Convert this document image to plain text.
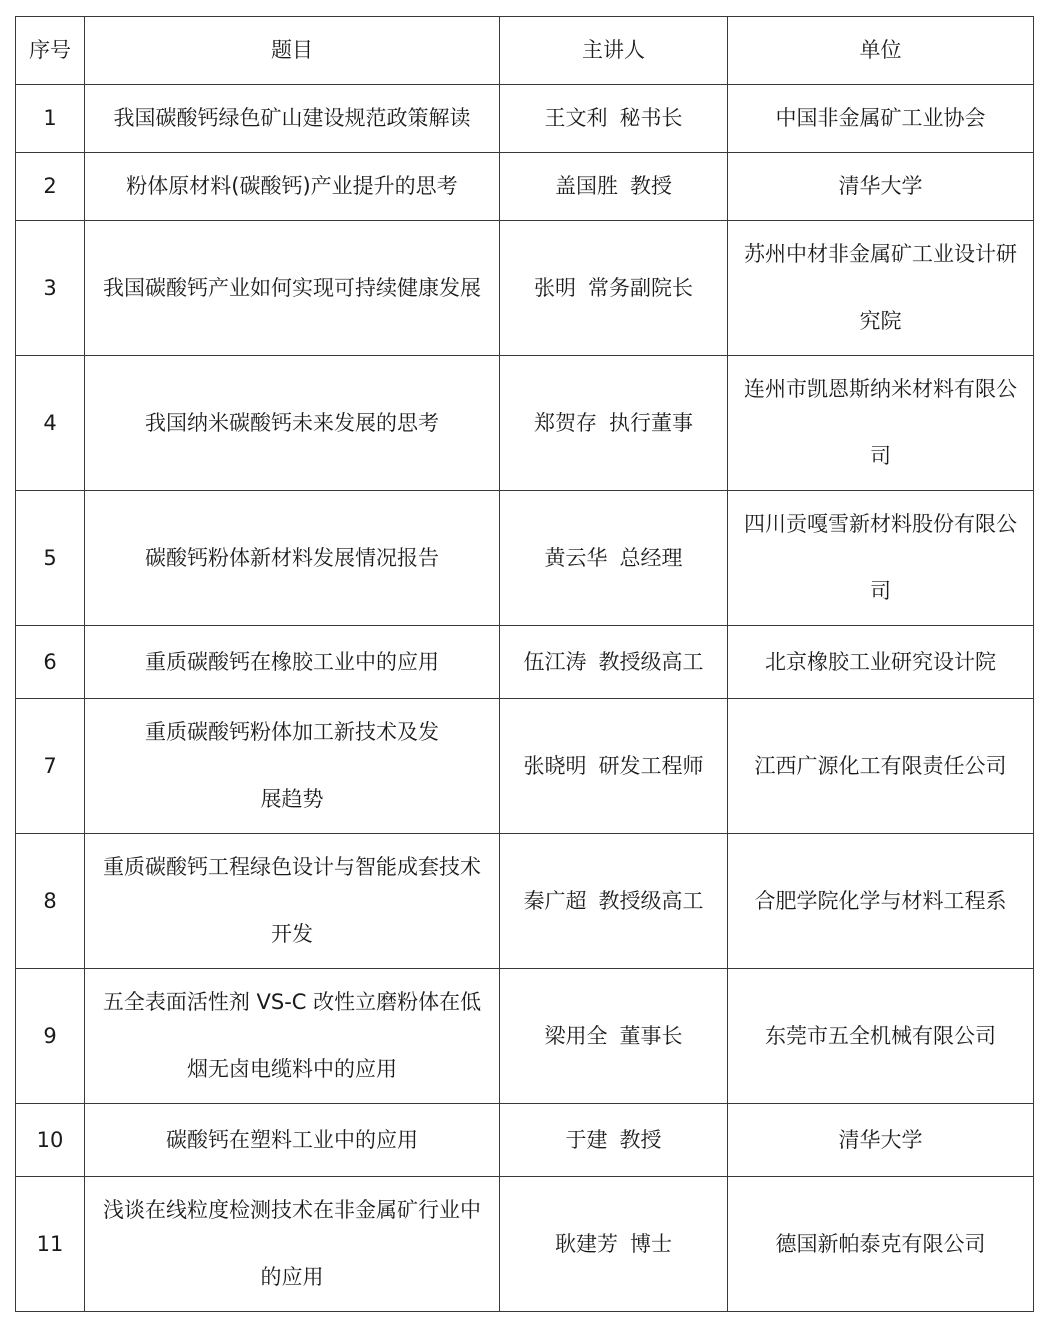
序号	题目	主讲人	单位
1	我国碳酸钙绿色矿山建设规范政策解读	王文利 秘书长	中国非金属矿工业协会
2	粉体原材料(碳酸钙)产业提升的思考	盖国胜 教授	清华大学
3	我国碳酸钙产业如何实现可持续健康发展	张明 常务副院长	苏州中材非金属矿工业设计研究院
4	我国纳米碳酸钙未来发展的思考	郑贺存 执行董事	连州市凯恩斯纳米材料有限公司
5	碳酸钙粉体新材料发展情况报告	黄云华 总经理	四川贡嘎雪新材料股份有限公司
6	重质碳酸钙在橡胶工业中的应用	伍江涛 教授级高工	北京橡胶工业研究设计院
7	重质碳酸钙粉体加工新技术及发展趋势	张晓明 研发工程师	江西广源化工有限责任公司
8	重质碳酸钙工程绿色设计与智能成套技术开发	秦广超 教授级高工	合肥学院化学与材料工程系
9	五全表面活性剂 VS-C 改性立磨粉体在低烟无卤电缆料中的应用	梁用全 董事长	东莞市五全机械有限公司
10	碳酸钙在塑料工业中的应用	于建 教授	清华大学
11	浅谈在线粒度检测技术在非金属矿行业中的应用	耿建芳 博士	德国新帕泰克有限公司
